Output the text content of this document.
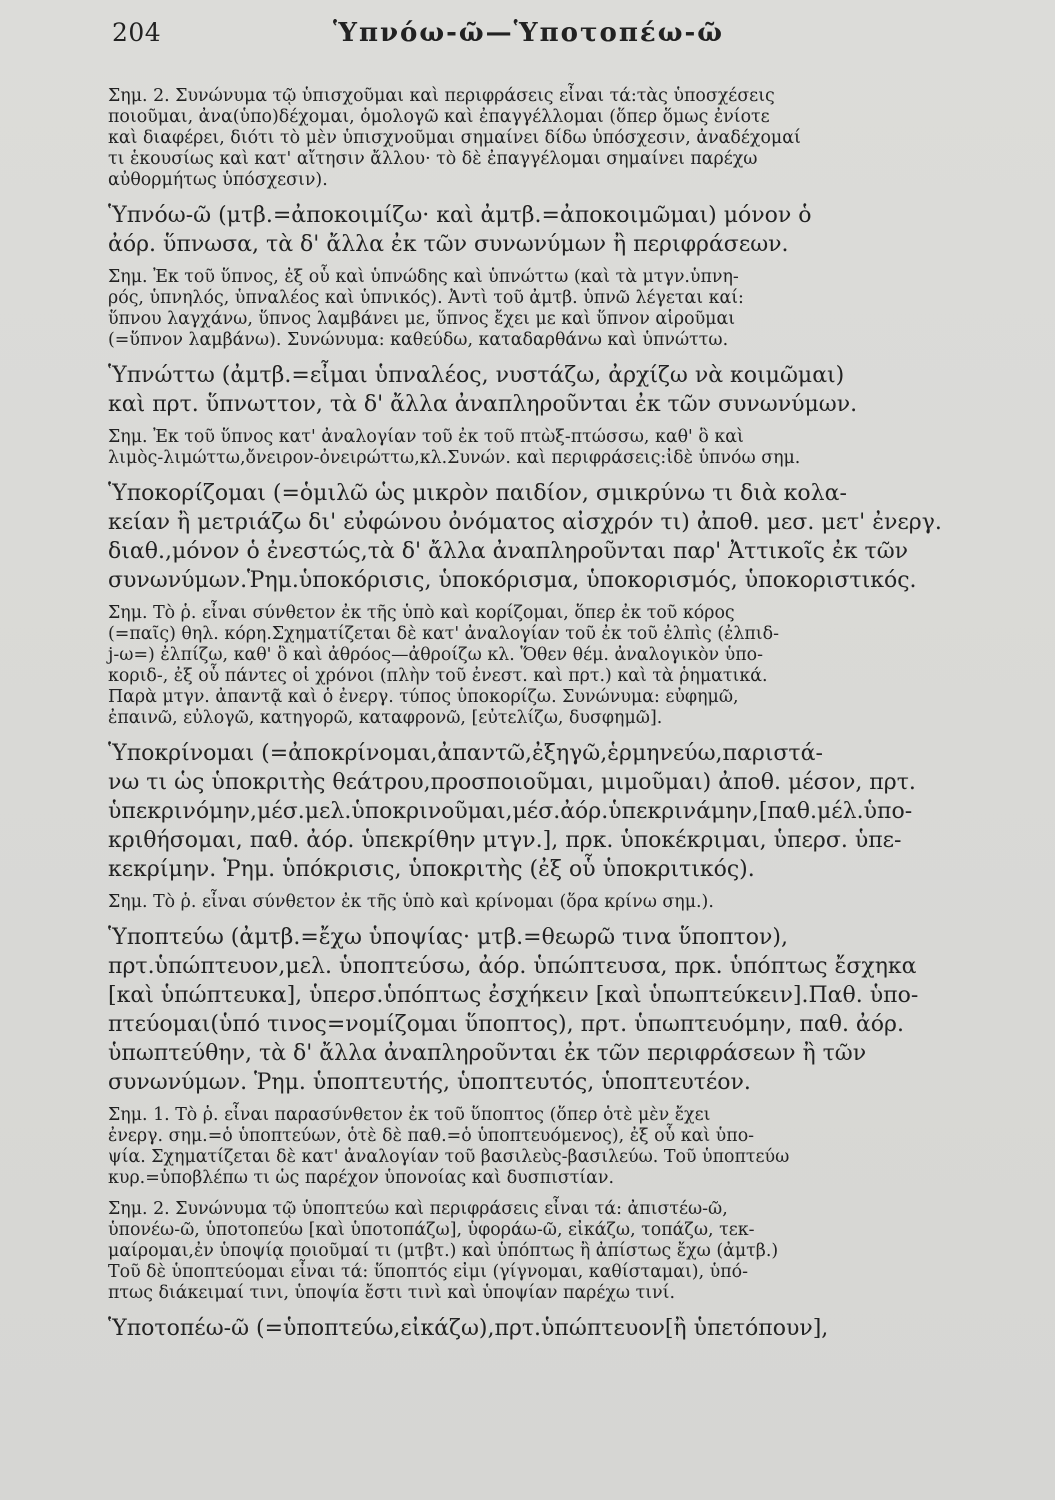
204	Ὑπνόω-ῶ—Ὑποτοπέω-ῶ

Σημ. 2. Συνώνυμα τῷ ὑπισχοῦμαι καὶ περιφράσεις εἶναι τά:τὰς ὑποσχέσεις
ποιοῦμαι, ἀνα(ὑπο)δέχομαι, ὁμολογῶ καὶ ἐπαγγέλλομαι (ὅπερ ὅμως ἐνίοτε
καὶ διαφέρει, διότι τὸ μὲν ὑπισχνοῦμαι σημαίνει δίδω ὑπόσχεσιν, ἀναδέχομαί
τι ἑκουσίως καὶ κατ' αἴτησιν ἄλλου· τὸ δὲ ἐπαγγέλομαι σημαίνει παρέχω
αὐθορμήτως ὑπόσχεσιν).

Ὑπνόω-ῶ (μτβ.=ἀποκοιμίζω· καὶ ἀμτβ.=ἀποκοιμῶμαι) μόνον ὁ
ἀόρ. ὕπνωσα, τὰ δ' ἄλλα ἐκ τῶν συνωνύμων ἢ περιφράσεων.

Σημ. Ἐκ τοῦ ὕπνος, ἐξ οὗ καὶ ὑπνώδης καὶ ὑπνώττω (καὶ τὰ μτγν.ὑπνη-
ρός, ὑπνηλός, ὑπναλέος καὶ ὑπνικός). Ἀντὶ τοῦ ἀμτβ. ὑπνῶ λέγεται καί:
ὕπνου λαγχάνω, ὕπνος λαμβάνει με, ὕπνος ἔχει με καὶ ὕπνον αἱροῦμαι
(=ὕπνον λαμβάνω). Συνώνυμα: καθεύδω, καταδαρθάνω καὶ ὑπνώττω.

Ὑπνώττω (ἀμτβ.=εἶμαι ὑπναλέος, νυστάζω, ἀρχίζω νὰ κοιμῶμαι)
καὶ πρτ. ὕπνωττον, τὰ δ' ἄλλα ἀναπληροῦνται ἐκ τῶν συνωνύμων.

Σημ. Ἐκ τοῦ ὕπνος κατ' ἀναλογίαν τοῦ ἐκ τοῦ πτὼξ-πτώσσω, καθ' ὃ καὶ
λιμὸς-λιμώττω,ὄνειρον-ὀνειρώττω,κλ.Συνών. καὶ περιφράσεις:ἰδὲ ὑπνόω σημ.

Ὑποκορίζομαι (=ὁμιλῶ ὡς μικρὸν παιδίον, σμικρύνω τι διὰ κολα-
κείαν ἢ μετριάζω δι' εὐφώνου ὀνόματος αἰσχρόν τι) ἀποθ. μεσ. μετ' ἐνεργ.
διαθ.,μόνον ὁ ἐνεστώς,τὰ δ' ἄλλα ἀναπληροῦνται παρ' Ἀττικοῖς ἐκ τῶν
συνωνύμων.Ῥημ.ὑποκόρισις, ὑποκόρισμα, ὑποκορισμός, ὑποκοριστικός.

Σημ. Τὸ ῥ. εἶναι σύνθετον ἐκ τῆς ὑπὸ καὶ κορίζομαι, ὅπερ ἐκ τοῦ κόρος
(=παῖς) θηλ. κόρη.Σχηματίζεται δὲ κατ' ἀναλογίαν τοῦ ἐκ τοῦ ἐλπὶς (ἐλπιδ-
j-ω=) ἐλπίζω, καθ' ὃ καὶ ἀθρόος—ἀθροίζω κλ. Ὅθεν θέμ. ἀναλογικὸν ὑπο-
κοριδ-, ἐξ οὗ πάντες οἱ χρόνοι (πλὴν τοῦ ἐνεστ. καὶ πρτ.) καὶ τὰ ῥηματικά.
Παρὰ μτγν. ἀπαντᾷ καὶ ὁ ἐνεργ. τύπος ὑποκορίζω. Συνώνυμα: εὐφημῶ,
ἐπαινῶ, εὐλογῶ, κατηγορῶ, καταφρονῶ, [εὐτελίζω, δυσφημῶ].

Ὑποκρίνομαι (=ἀποκρίνομαι,ἀπαντῶ,ἐξηγῶ,ἑρμηνεύω,παριστά-
νω τι ὡς ὑποκριτὴς θεάτρου,προσποιοῦμαι, μιμοῦμαι) ἀποθ. μέσον, πρτ.
ὑπεκρινόμην,μέσ.μελ.ὑποκρινοῦμαι,μέσ.ἀόρ.ὑπεκρινάμην,[παθ.μέλ.ὑπο-
κριθήσομαι, παθ. ἀόρ. ὑπεκρίθην μτγν.], πρκ. ὑποκέκριμαι, ὑπερσ. ὑπε-
κεκρίμην. Ῥημ. ὑπόκρισις, ὑποκριτὴς (ἐξ οὗ ὑποκριτικός).

Σημ. Τὸ ῥ. εἶναι σύνθετον ἐκ τῆς ὑπὸ καὶ κρίνομαι (ὅρα κρίνω σημ.).

Ὑποπτεύω (ἀμτβ.=ἔχω ὑποψίας· μτβ.=θεωρῶ τινα ὕποπτον),
πρτ.ὑπώπτευον,μελ. ὑποπτεύσω, ἀόρ. ὑπώπτευσα, πρκ. ὑπόπτως ἔσχηκα
[καὶ ὑπώπτευκα], ὑπερσ.ὑπόπτως ἐσχήκειν [καὶ ὑπωπτεύκειν].Παθ. ὑπο-
πτεύομαι(ὑπό τινος=νομίζομαι ὕποπτος), πρτ. ὑπωπτευόμην, παθ. ἀόρ.
ὑπωπτεύθην, τὰ δ' ἄλλα ἀναπληροῦνται ἐκ τῶν περιφράσεων ἢ τῶν
συνωνύμων. Ῥημ. ὑποπτευτής, ὑποπτευτός, ὑποπτευτέον.

Σημ. 1. Τὸ ῥ. εἶναι παρασύνθετον ἐκ τοῦ ὕποπτος (ὅπερ ὁτὲ μὲν ἔχει
ἐνεργ. σημ.=ὁ ὑποπτεύων, ὁτὲ δὲ παθ.=ὁ ὑποπτευόμενος), ἐξ οὗ καὶ ὑπο-
ψία. Σχηματίζεται δὲ κατ' ἀναλογίαν τοῦ βασιλεὺς-βασιλεύω. Τοῦ ὑποπτεύω
κυρ.=ὑποβλέπω τι ὡς παρέχον ὑπονοίας καὶ δυσπιστίαν.

Σημ. 2. Συνώνυμα τῷ ὑποπτεύω καὶ περιφράσεις εἶναι τά: ἀπιστέω-ῶ,
ὑπονέω-ῶ, ὑποτοπεύω [καὶ ὑποτοπάζω], ὑφοράω-ῶ, εἰκάζω, τοπάζω, τεκ-
μαίρομαι,ἐν ὑποψίᾳ ποιοῦμαί τι (μτβτ.) καὶ ὑπόπτως ἢ ἀπίστως ἔχω (ἀμτβ.)
Τοῦ δὲ ὑποπτεύομαι εἶναι τά: ὕποπτός εἰμι (γίγνομαι, καθίσταμαι), ὑπό-
πτως διάκειμαί τινι, ὑποψία ἔστι τινὶ καὶ ὑποψίαν παρέχω τινί.

Ὑποτοπέω-ῶ (=ὑποπτεύω,εἰκάζω),πρτ.ὑπώπτευον[ἢ ὑπετόπουν],
